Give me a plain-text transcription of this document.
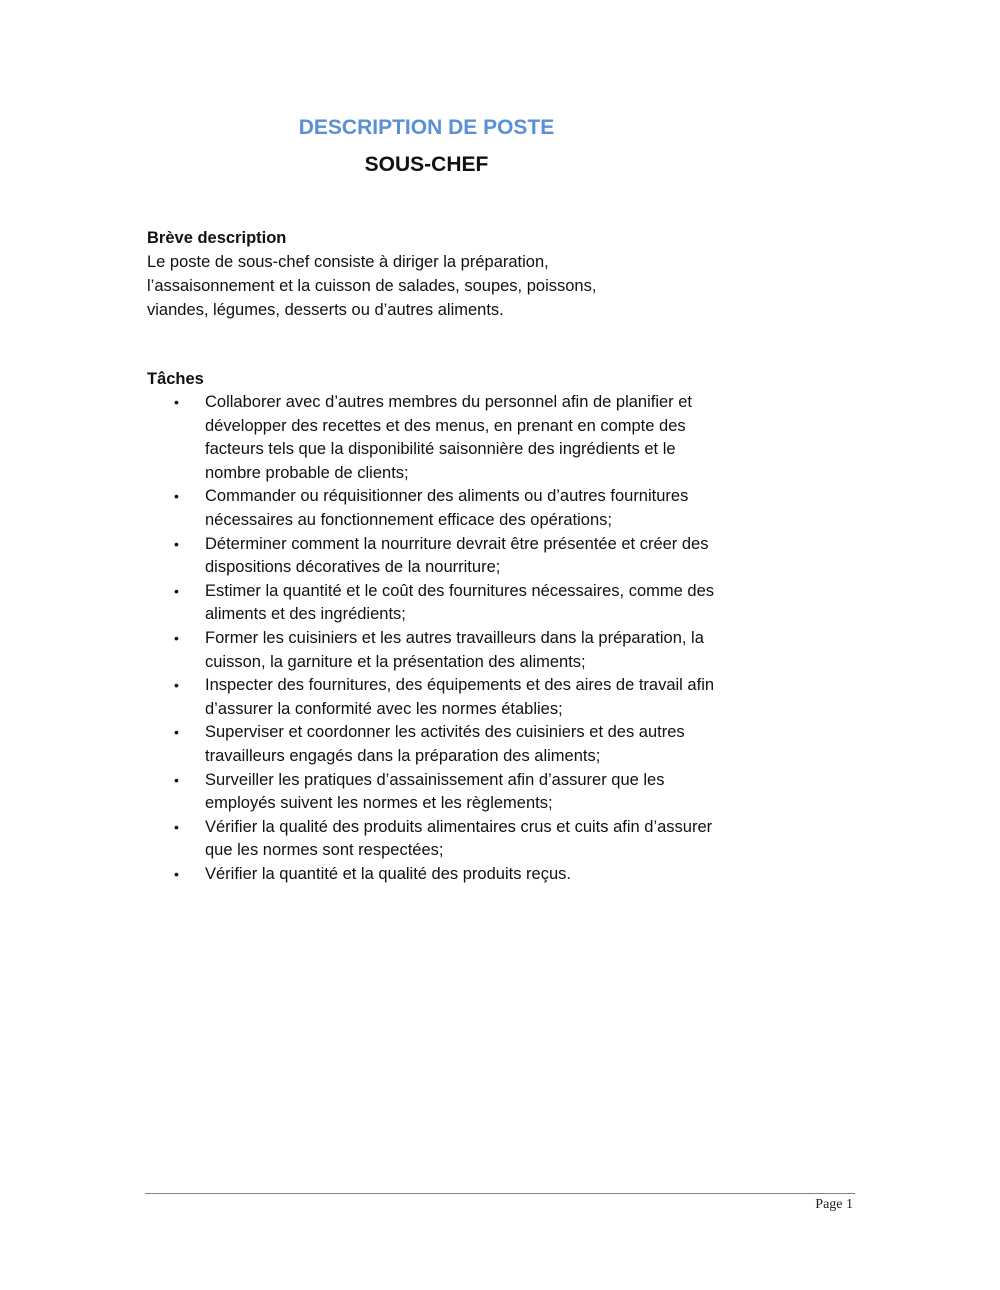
DESCRIPTION DE POSTE
SOUS-CHEF

Brève description

Le poste de sous-chef consiste à diriger la préparation, l’assaisonnement et la cuisson de salades, soupes, poissons, viandes, légumes, desserts ou d’autres aliments.

Tâches

• Collaborer avec d’autres membres du personnel afin de planifier et développer des recettes et des menus, en prenant en compte des facteurs tels que la disponibilité saisonnière des ingrédients et le nombre probable de clients;
• Commander ou réquisitionner des aliments ou d’autres fournitures nécessaires au fonctionnement efficace des opérations;
• Déterminer comment la nourriture devrait être présentée et créer des dispositions décoratives de la nourriture;
• Estimer la quantité et le coût des fournitures nécessaires, comme des aliments et des ingrédients;
• Former les cuisiniers et les autres travailleurs dans la préparation, la cuisson, la garniture et la présentation des aliments;
• Inspecter des fournitures, des équipements et des aires de travail afin d’assurer la conformité avec les normes établies;
• Superviser et coordonner les activités des cuisiniers et des autres travailleurs engagés dans la préparation des aliments;
• Surveiller les pratiques d’assainissement afin d’assurer que les employés suivent les normes et les règlements;
• Vérifier la qualité des produits alimentaires crus et cuits afin d’assurer que les normes sont respectées;
• Vérifier la quantité et la qualité des produits reçus.
Page 1
